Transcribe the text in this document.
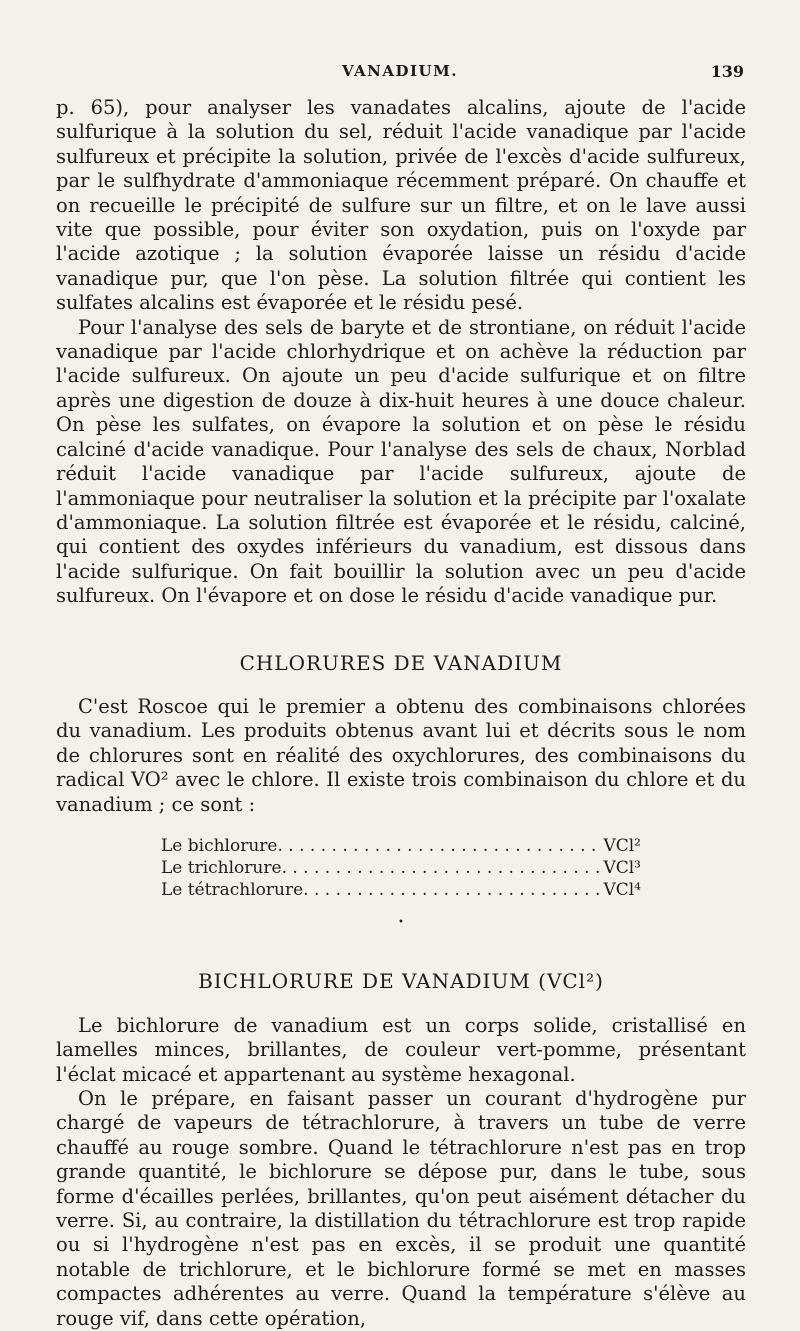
VANADIUM.	139

p. 65), pour analyser les vanadates alcalins, ajoute de l'acide sulfurique à la solution du sel, réduit l'acide vanadique par l'acide sulfureux et précipite la solution, privée de l'excès d'acide sulfureux, par le sulfhydrate d'ammoniaque récemment préparé. On chauffe et on recueille le précipité de sulfure sur un filtre, et on le lave aussi vite que possible, pour éviter son oxydation, puis on l'oxyde par l'acide azotique ; la solution évaporée laisse un résidu d'acide vanadique pur, que l'on pèse. La solution filtrée qui contient les sulfates alcalins est évaporée et le résidu pesé.

Pour l'analyse des sels de baryte et de strontiane, on réduit l'acide vanadique par l'acide chlorhydrique et on achève la réduction par l'acide sulfureux. On ajoute un peu d'acide sulfurique et on filtre après une digestion de douze à dix-huit heures à une douce chaleur. On pèse les sulfates, on évapore la solution et on pèse le résidu calciné d'acide vanadique. Pour l'analyse des sels de chaux, Norblad réduit l'acide vanadique par l'acide sulfureux, ajoute de l'ammoniaque pour neutraliser la solution et la précipite par l'oxalate d'ammoniaque. La solution filtrée est évaporée et le résidu, calciné, qui contient des oxydes inférieurs du vanadium, est dissous dans l'acide sulfurique. On fait bouillir la solution avec un peu d'acide sulfureux. On l'évapore et on dose le résidu d'acide vanadique pur.

CHLORURES DE VANADIUM

C'est Roscoe qui le premier a obtenu des combinaisons chlorées du vanadium. Les produits obtenus avant lui et décrits sous le nom de chlorures sont en réalité des oxychlorures, des combinaisons du radical VO² avec le chlore. Il existe trois combinaison du chlore et du vanadium ; ce sont :

Le bichlorure . . .	VCl²
Le trichlorure . . .	VCl³
Le tétrachlorure . . .	VCl⁴
•
BICHLORURE DE VANADIUM (VCl²)

Le bichlorure de vanadium est un corps solide, cristallisé en lamelles minces, brillantes, de couleur vert-pomme, présentant l'éclat micacé et appartenant au système hexagonal.

On le prépare, en faisant passer un courant d'hydrogène pur chargé de vapeurs de tétrachlorure, à travers un tube de verre chauffé au rouge sombre. Quand le tétrachlorure n'est pas en trop grande quantité, le bichlorure se dépose pur, dans le tube, sous forme d'écailles perlées, brillantes, qu'on peut aisément détacher du verre. Si, au contraire, la distillation du tétrachlorure est trop rapide ou si l'hydrogène n'est pas en excès, il se produit une quantité notable de trichlorure, et le bichlorure formé se met en masses compactes adhérentes au verre. Quand la température s'élève au rouge vif, dans cette opération,
